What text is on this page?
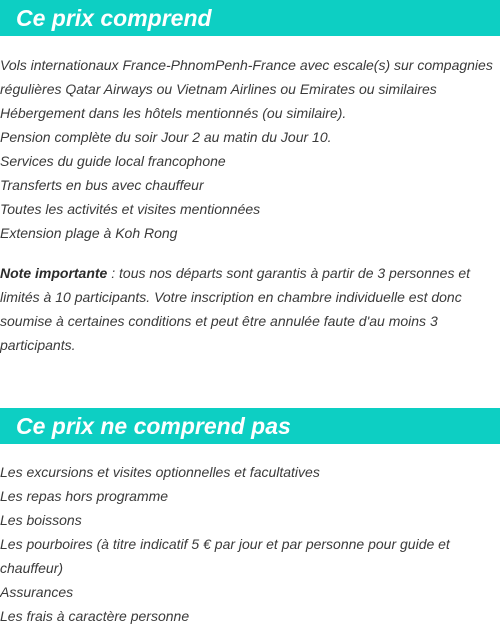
Ce prix comprend
Vols internationaux France-PhnomPenh-France avec escale(s) sur compagnies régulières Qatar Airways ou Vietnam Airlines ou Emirates ou similaires
Hébergement dans les hôtels mentionnés (ou similaire).
Pension complète du soir Jour 2 au matin du Jour 10.
Services du guide local francophone
Transferts en bus avec chauffeur
Toutes les activités et visites mentionnées
Extension plage à Koh Rong

Note importante : tous nos départs sont garantis à partir de 3 personnes et limités à 10 participants. Votre inscription en chambre individuelle est donc soumise à certaines conditions et peut être annulée faute d'au moins 3 participants.

Ce prix ne comprend pas
Les excursions et visites optionnelles et facultatives
Les repas hors programme
Les boissons
Les pourboires (à titre indicatif 5 € par jour et par personne pour guide et chauffeur)
Assurances
Les frais à caractère personne
